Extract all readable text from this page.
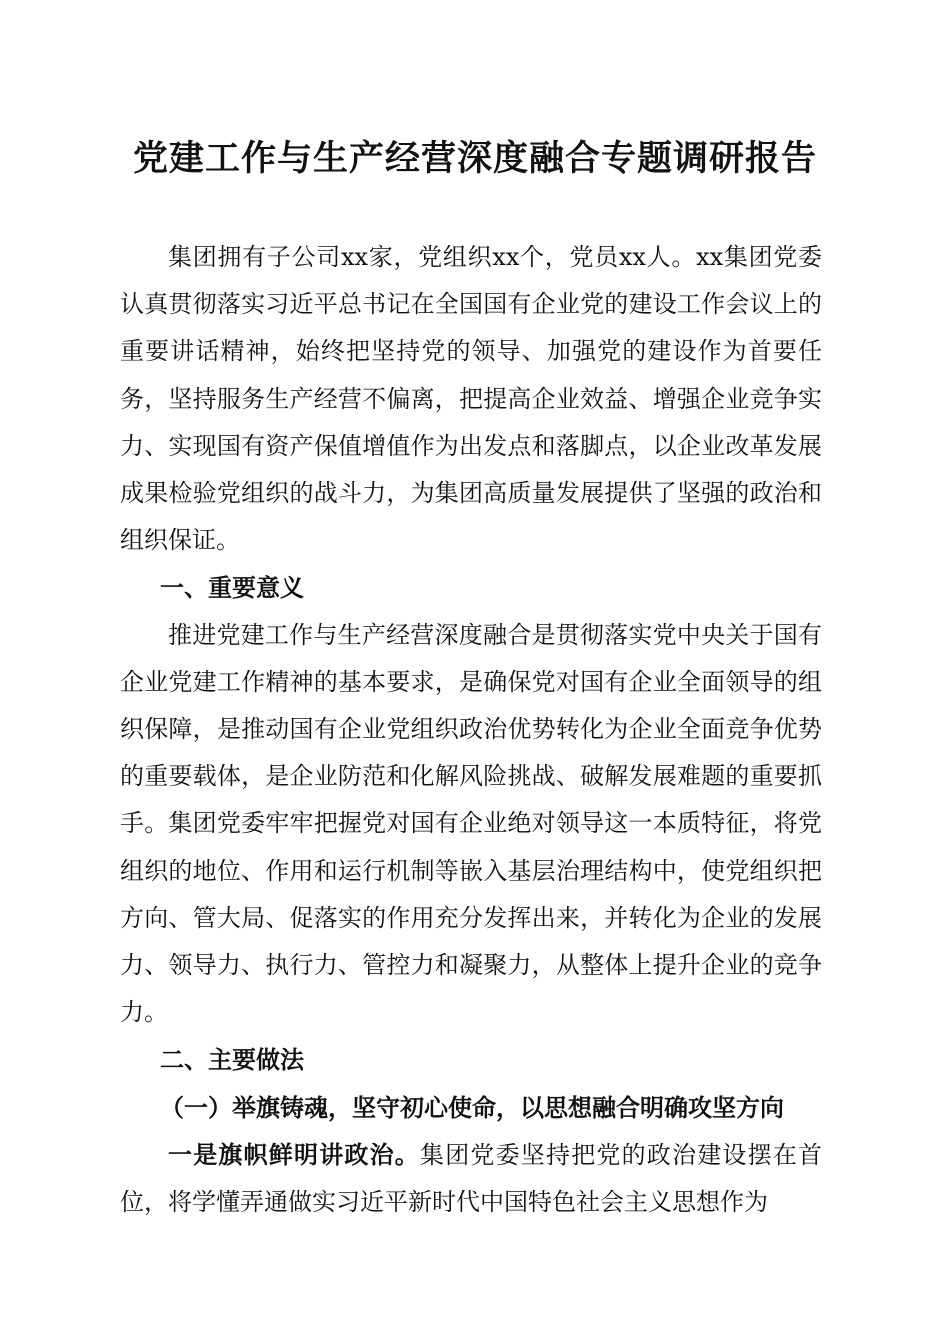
党建工作与生产经营深度融合专题调研报告

集团拥有子公司xx家，党组织xx个，党员xx人。xx集团党委认真贯彻落实习近平总书记在全国国有企业党的建设工作会议上的重要讲话精神，始终把坚持党的领导、加强党的建设作为首要任务，坚持服务生产经营不偏离，把提高企业效益、增强企业竞争实力、实现国有资产保值增值作为出发点和落脚点，以企业改革发展成果检验党组织的战斗力，为集团高质量发展提供了坚强的政治和组织保证。

一、重要意义

推进党建工作与生产经营深度融合是贯彻落实党中央关于国有企业党建工作精神的基本要求，是确保党对国有企业全面领导的组织保障，是推动国有企业党组织政治优势转化为企业全面竞争优势的重要载体，是企业防范和化解风险挑战、破解发展难题的重要抓手。集团党委牢牢把握党对国有企业绝对领导这一本质特征，将党组织的地位、作用和运行机制等嵌入基层治理结构中，使党组织把方向、管大局、促落实的作用充分发挥出来，并转化为企业的发展力、领导力、执行力、管控力和凝聚力，从整体上提升企业的竞争力。

二、主要做法

（一）举旗铸魂，坚守初心使命，以思想融合明确攻坚方向

一是旗帜鲜明讲政治。集团党委坚持把党的政治建设摆在首位，将学懂弄通做实习近平新时代中国特色社会主义思想作为
